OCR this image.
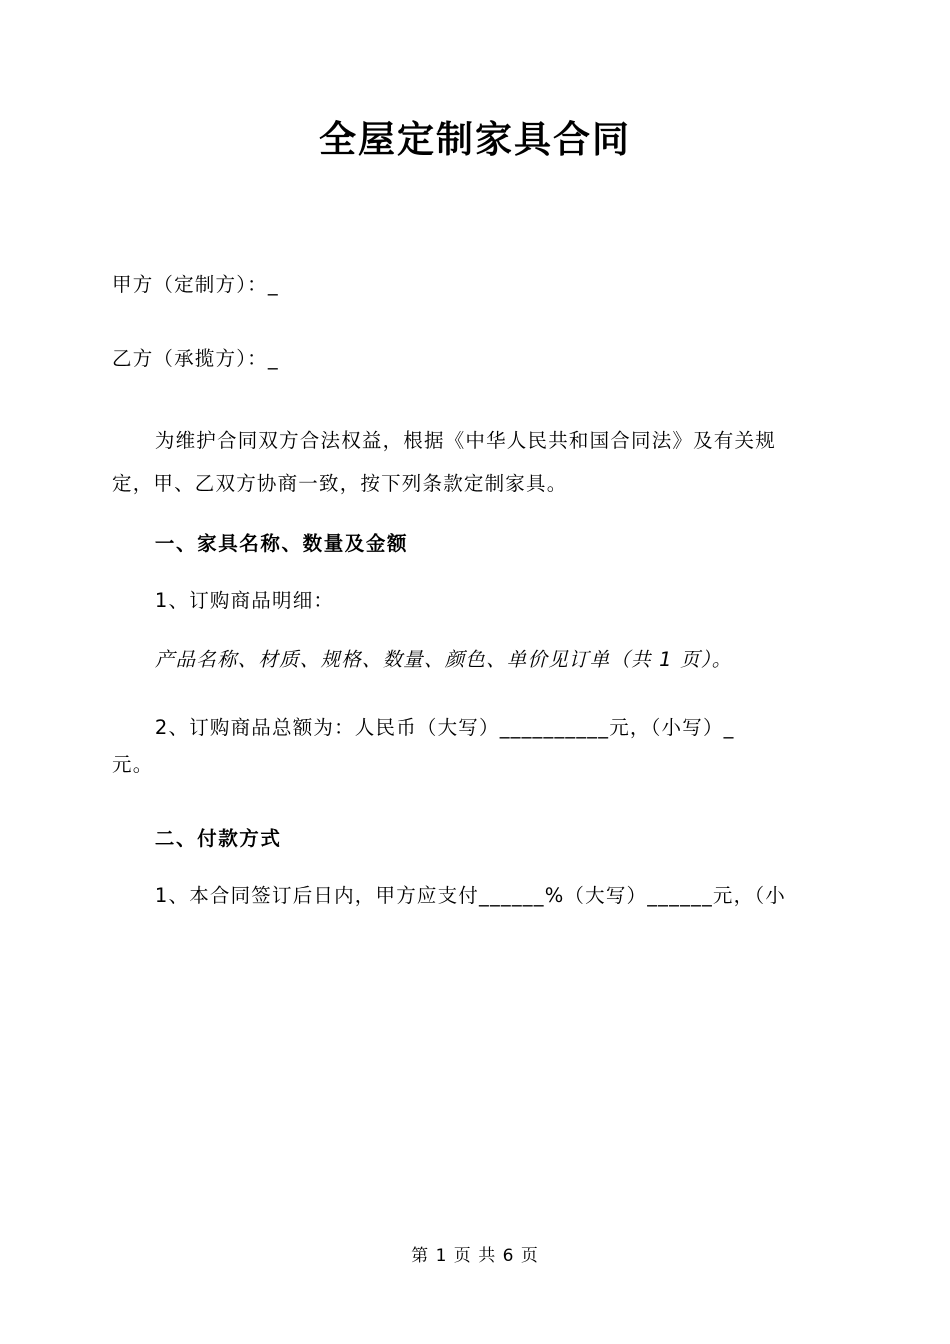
全屋定制家具合同

甲方（定制方）：_

乙方（承揽方）：_

为维护合同双方合法权益，根据《中华人民共和国合同法》及有关规

定，甲、乙双方协商一致，按下列条款定制家具。

一、家具名称、数量及金额

1、订购商品明细：

产品名称、材质、规格、数量、颜色、单价见订单（共 1 页）。

2、订购商品总额为：人民币（大写）__________元，（小写）_

元。

二、付款方式

1、本合同签订后日内，甲方应支付______%（大写）______元，（小

第 1 页 共 6 页
